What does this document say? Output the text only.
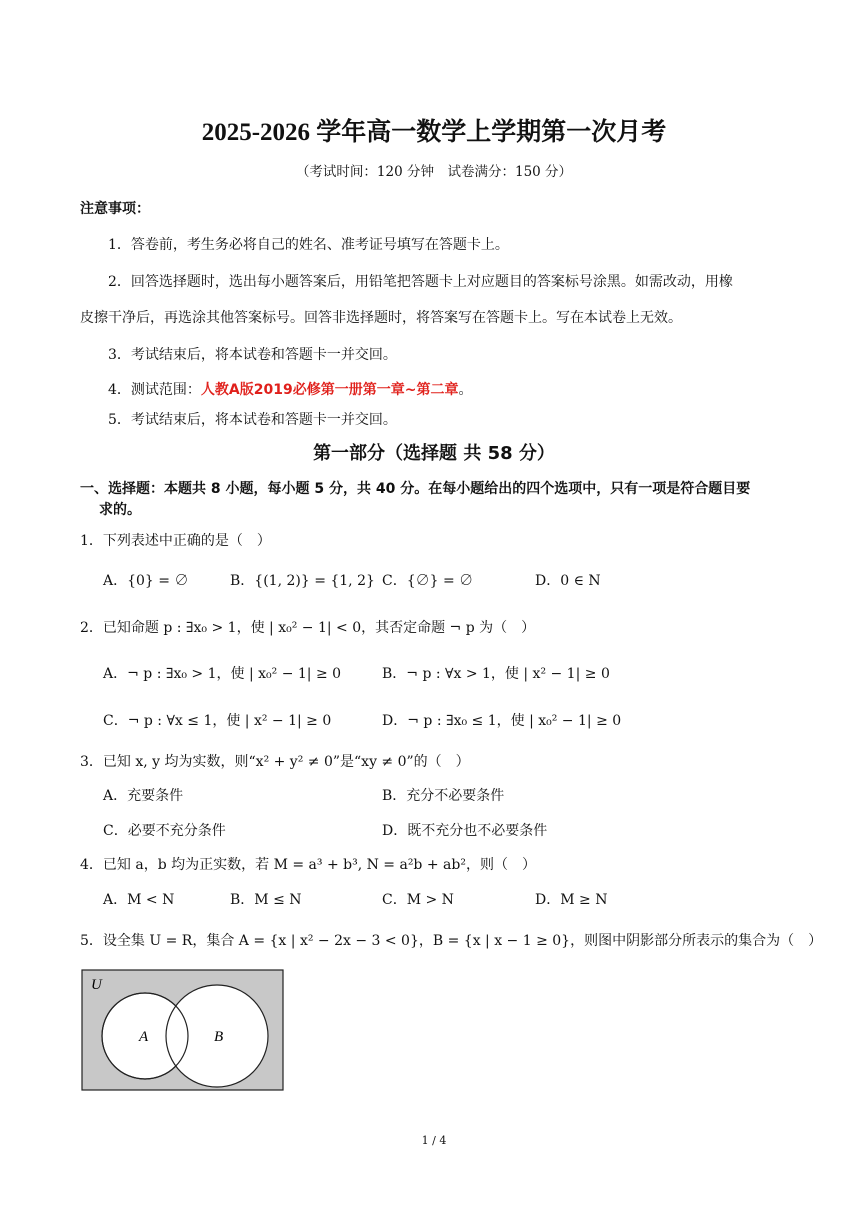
2025-2026 学年高一数学上学期第一次月考
（考试时间：120 分钟　试卷满分：150 分）
注意事项：
1．答卷前，考生务必将自己的姓名、准考证号填写在答题卡上。
2．回答选择题时，选出每小题答案后，用铅笔把答题卡上对应题目的答案标号涂黑。如需改动，用橡
皮擦干净后，再选涂其他答案标号。回答非选择题时，将答案写在答题卡上。写在本试卷上无效。
3．考试结束后，将本试卷和答题卡一并交回。
4．测试范围：人教A版2019必修第一册第一章~第二章。
5．考试结束后，将本试卷和答题卡一并交回。
第一部分（选择题 共 58 分）
一、选择题：本题共 8 小题，每小题 5 分，共 40 分。在每小题给出的四个选项中，只有一项是符合题目要
求的。
1．下列表述中正确的是（　）
A．{0} = ∅	B．{(1, 2)} = {1, 2} C．{∅} = ∅	D．0 ∈ N
2．已知命题 p : ∃x₀ > 1，使 | x₀² − 1| < 0，其否定命题 ¬ p 为（　）
A．¬ p : ∃x₀ > 1，使 | x₀² − 1| ≥ 0	B．¬ p : ∀x > 1，使 | x² − 1| ≥ 0
C．¬ p : ∀x ≤ 1，使 | x² − 1| ≥ 0	D．¬ p : ∃x₀ ≤ 1，使 | x₀² − 1| ≥ 0
3．已知 x, y 均为实数，则“x² + y² ≠ 0”是“xy ≠ 0”的（　）
A．充要条件	B．充分不必要条件
C．必要不充分条件	D．既不充分也不必要条件
4．已知 a，b 均为正实数，若 M = a³ + b³, N = a²b + ab²，则（　）
A．M < N	B．M ≤ N	C．M > N	D．M ≥ N
5．设全集 U = R，集合 A = {x | x² − 2x − 3 < 0}，B = {x | x − 1 ≥ 0}，则图中阴影部分所表示的集合为（　）
U
A	B
1 / 4
